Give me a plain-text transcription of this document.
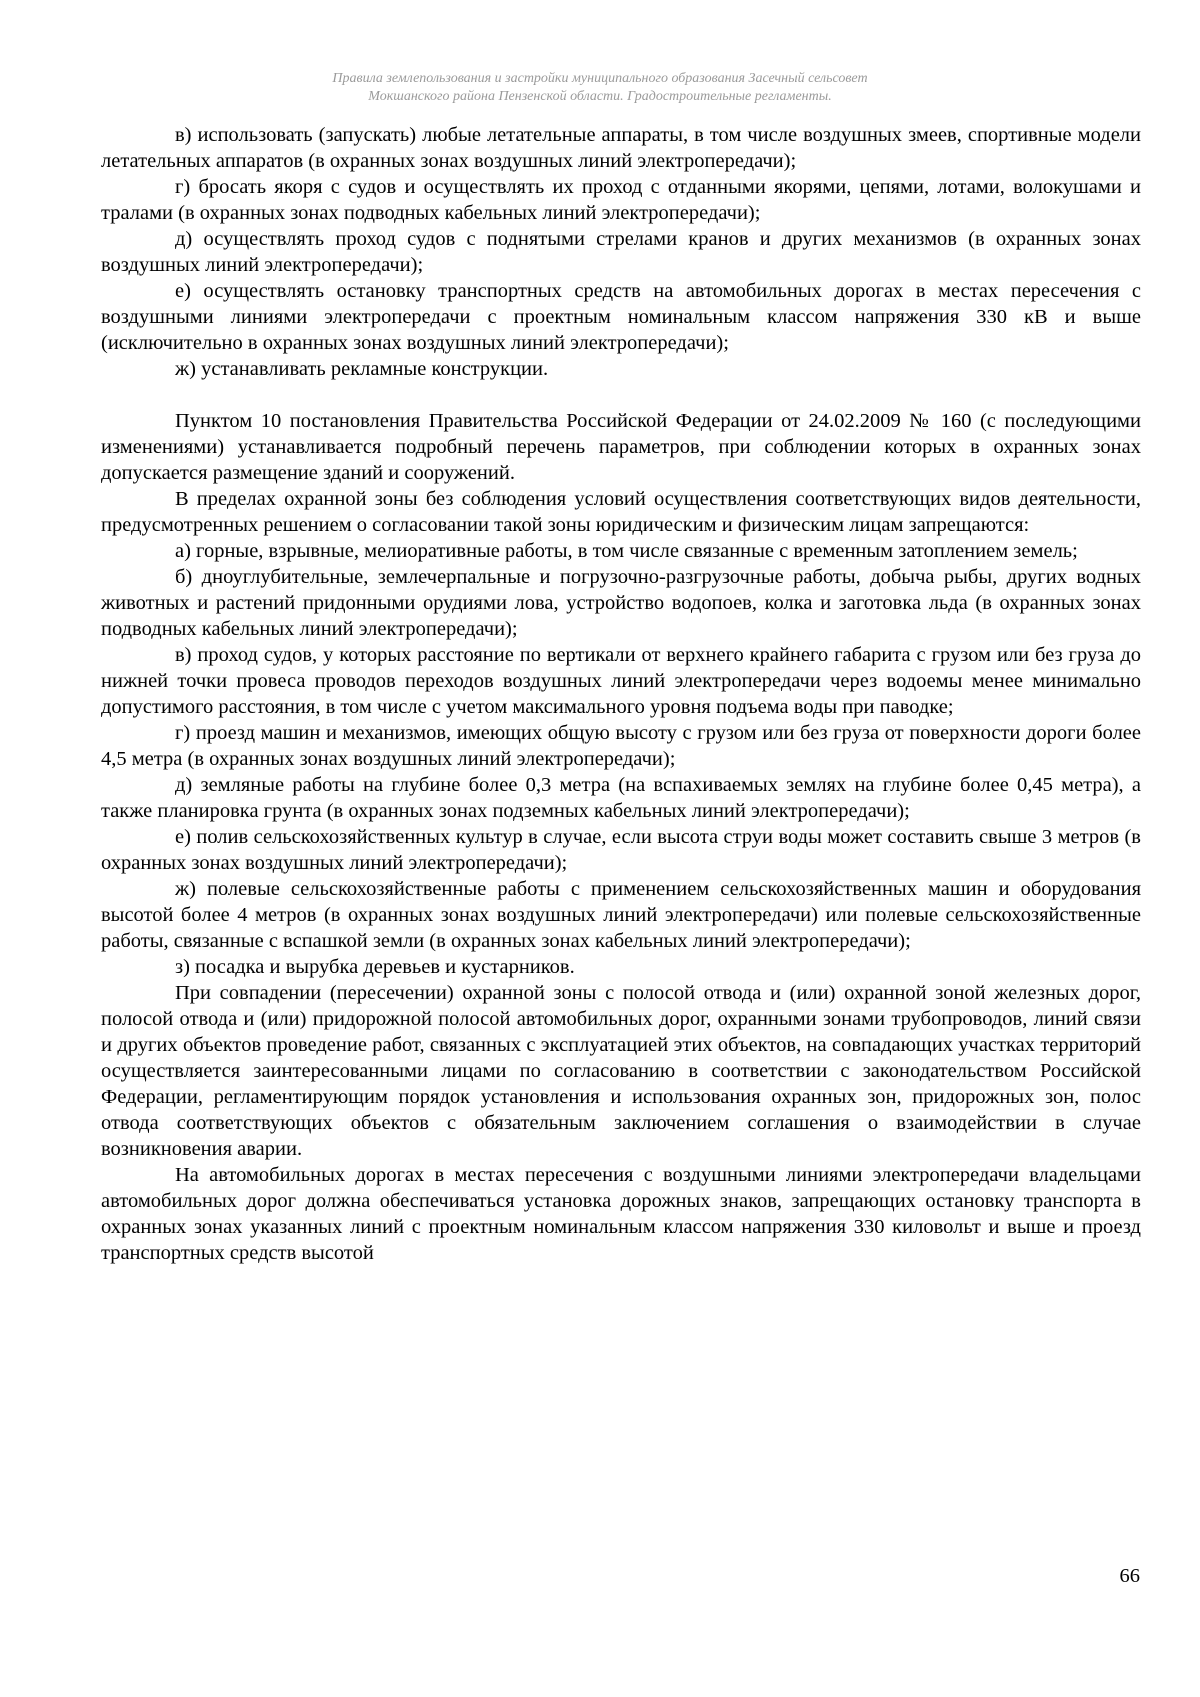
Правила землепользования и застройки муниципального образования Засечный сельсовет
Мокшанского района Пензенской области. Градостроительные регламенты.

в) использовать (запускать) любые летательные аппараты, в том числе воздушных змеев, спортивные модели летательных аппаратов (в охранных зонах воздушных линий электропередачи);

г) бросать якоря с судов и осуществлять их проход с отданными якорями, цепями, лотами, волокушами и тралами (в охранных зонах подводных кабельных линий электропередачи);

д) осуществлять проход судов с поднятыми стрелами кранов и других механизмов (в охранных зонах воздушных линий электропередачи);

е) осуществлять остановку транспортных средств на автомобильных дорогах в местах пересечения с воздушными линиями электропередачи с проектным номинальным классом напряжения 330 кВ и выше (исключительно в охранных зонах воздушных линий электропередачи);

ж) устанавливать рекламные конструкции.

Пунктом 10 постановления Правительства Российской Федерации от 24.02.2009 № 160 (с последующими изменениями) устанавливается подробный перечень параметров, при соблюдении которых в охранных зонах допускается размещение зданий и сооружений.

В пределах охранной зоны без соблюдения условий осуществления соответствующих видов деятельности, предусмотренных решением о согласовании такой зоны юридическим и физическим лицам запрещаются:

а) горные, взрывные, мелиоративные работы, в том числе связанные с временным затоплением земель;

б) дноуглубительные, землечерпальные и погрузочно-разгрузочные работы, добыча рыбы, других водных животных и растений придонными орудиями лова, устройство водопоев, колка и заготовка льда (в охранных зонах подводных кабельных линий электропередачи);

в) проход судов, у которых расстояние по вертикали от верхнего крайнего габарита с грузом или без груза до нижней точки провеса проводов переходов воздушных линий электропередачи через водоемы менее минимально допустимого расстояния, в том числе с учетом максимального уровня подъема воды при паводке;

г) проезд машин и механизмов, имеющих общую высоту с грузом или без груза от поверхности дороги более 4,5 метра (в охранных зонах воздушных линий электропередачи);

д) земляные работы на глубине более 0,3 метра (на вспахиваемых землях на глубине более 0,45 метра), а также планировка грунта (в охранных зонах подземных кабельных линий электропередачи);

е) полив сельскохозяйственных культур в случае, если высота струи воды может составить свыше 3 метров (в охранных зонах воздушных линий электропередачи);

ж) полевые сельскохозяйственные работы с применением сельскохозяйственных машин и оборудования высотой более 4 метров (в охранных зонах воздушных линий электропередачи) или полевые сельскохозяйственные работы, связанные с вспашкой земли (в охранных зонах кабельных линий электропередачи);

з) посадка и вырубка деревьев и кустарников.

При совпадении (пересечении) охранной зоны с полосой отвода и (или) охранной зоной железных дорог, полосой отвода и (или) придорожной полосой автомобильных дорог, охранными зонами трубопроводов, линий связи и других объектов проведение работ, связанных с эксплуатацией этих объектов, на совпадающих участках территорий осуществляется заинтересованными лицами по согласованию в соответствии с законодательством Российской Федерации, регламентирующим порядок установления и использования охранных зон, придорожных зон, полос отвода соответствующих объектов с обязательным заключением соглашения о взаимодействии в случае возникновения аварии.

На автомобильных дорогах в местах пересечения с воздушными линиями электропередачи владельцами автомобильных дорог должна обеспечиваться установка дорожных знаков, запрещающих остановку транспорта в охранных зонах указанных линий с проектным номинальным классом напряжения 330 киловольт и выше и проезд транспортных средств высотой

66
